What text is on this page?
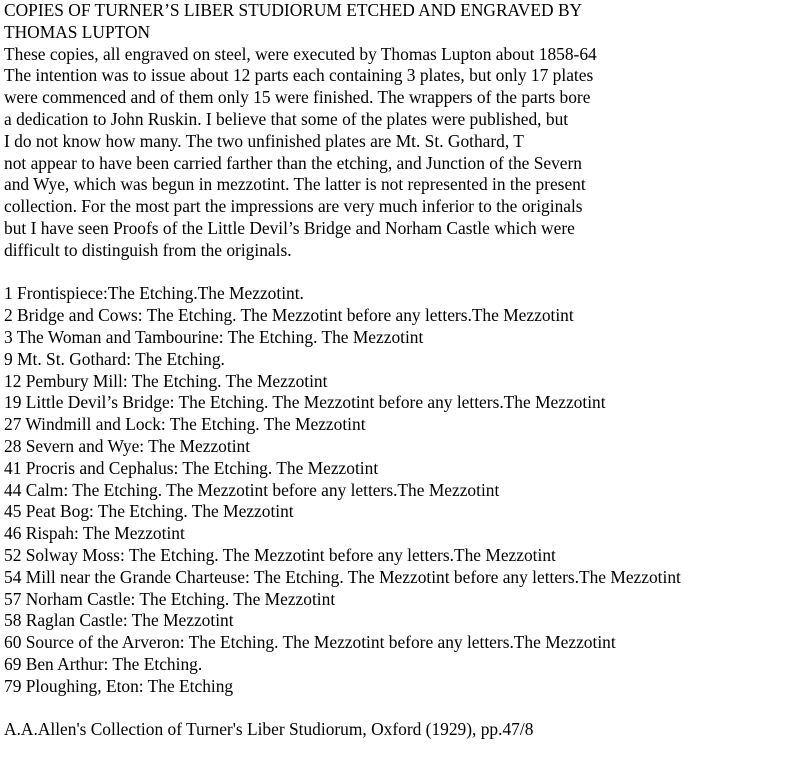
COPIES OF TURNER’S LIBER STUDIORUM ETCHED AND ENGRAVED BY
THOMAS LUPTON
These copies, all engraved on steel, were executed by Thomas Lupton about 1858-64
The intention was to issue about 12 parts each containing 3 plates, but only 17 plates
were commenced and of them only 15 were finished. The wrappers of the parts bore
a dedication to John Ruskin. I believe that some of the plates were published, but
I do not know how many. The two unfinished plates are Mt. St. Gothard, T
not appear to have been carried farther than the etching, and Junction of the Severn
and Wye, which was begun in mezzotint. The latter is not represented in the present
collection. For the most part the impressions are very much inferior to the originals
but I have seen Proofs of the Little Devil’s Bridge and Norham Castle which were
difficult to distinguish from the originals.
1 Frontispiece:The Etching.The Mezzotint.
2 Bridge and Cows: The Etching. The Mezzotint before any letters.The Mezzotint
3 The Woman and Tambourine: The Etching. The Mezzotint
9 Mt. St. Gothard: The Etching.
12 Pembury Mill: The Etching. The Mezzotint
19 Little Devil’s Bridge: The Etching. The Mezzotint before any letters.The Mezzotint
27 Windmill and Lock: The Etching. The Mezzotint
28 Severn and Wye: The Mezzotint
41 Procris and Cephalus: The Etching. The Mezzotint
44 Calm: The Etching. The Mezzotint before any letters.The Mezzotint
45 Peat Bog: The Etching. The Mezzotint
46 Rispah: The Mezzotint
52 Solway Moss: The Etching. The Mezzotint before any letters.The Mezzotint
54 Mill near the Grande Charteuse: The Etching. The Mezzotint before any letters.The Mezzotint
57 Norham Castle: The Etching. The Mezzotint
58 Raglan Castle: The Mezzotint
60 Source of the Arveron: The Etching. The Mezzotint before any letters.The Mezzotint
69 Ben Arthur: The Etching.
79 Ploughing, Eton: The Etching
A.A.Allen's Collection of Turner's Liber Studiorum, Oxford (1929), pp.47/8
